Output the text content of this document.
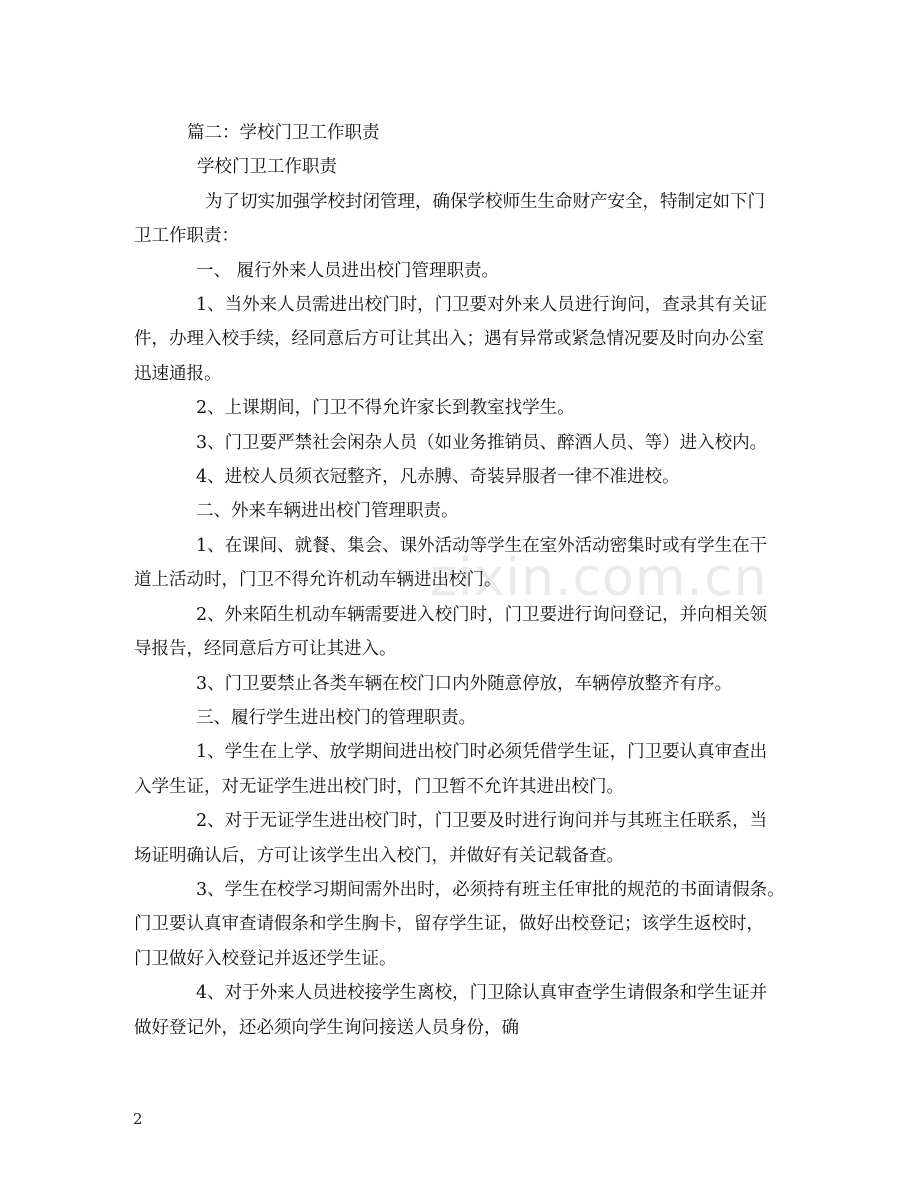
zixin.com.cn

篇二：学校门卫工作职责

学校门卫工作职责

为了切实加强学校封闭管理，确保学校师生生命财产安全，特制定如下门
卫工作职责：

一、 履行外来人员进出校门管理职责。

1、当外来人员需进出校门时，门卫要对外来人员进行询问，查录其有关证
件，办理入校手续，经同意后方可让其出入；遇有异常或紧急情况要及时向办公室
迅速通报。

2、上课期间，门卫不得允许家长到教室找学生。

3、门卫要严禁社会闲杂人员（如业务推销员、醉酒人员、等）进入校内。

4、进校人员须衣冠整齐，凡赤膊、奇装异服者一律不准进校。

二、外来车辆进出校门管理职责。

1、在课间、就餐、集会、课外活动等学生在室外活动密集时或有学生在干
道上活动时，门卫不得允许机动车辆进出校门。

2、外来陌生机动车辆需要进入校门时，门卫要进行询问登记，并向相关领
导报告，经同意后方可让其进入。

3、门卫要禁止各类车辆在校门口内外随意停放，车辆停放整齐有序。

三、履行学生进出校门的管理职责。

1、学生在上学、放学期间进出校门时必须凭借学生证，门卫要认真审查出
入学生证，对无证学生进出校门时，门卫暂不允许其进出校门。

2、对于无证学生进出校门时，门卫要及时进行询问并与其班主任联系，当
场证明确认后，方可让该学生出入校门，并做好有关记载备查。

3、学生在校学习期间需外出时，必须持有班主任审批的规范的书面请假条。
门卫要认真审查请假条和学生胸卡，留存学生证，做好出校登记；该学生返校时，
门卫做好入校登记并返还学生证。

4、对于外来人员进校接学生离校，门卫除认真审查学生请假条和学生证并
做好登记外，还必须向学生询问接送人员身份，确

2
